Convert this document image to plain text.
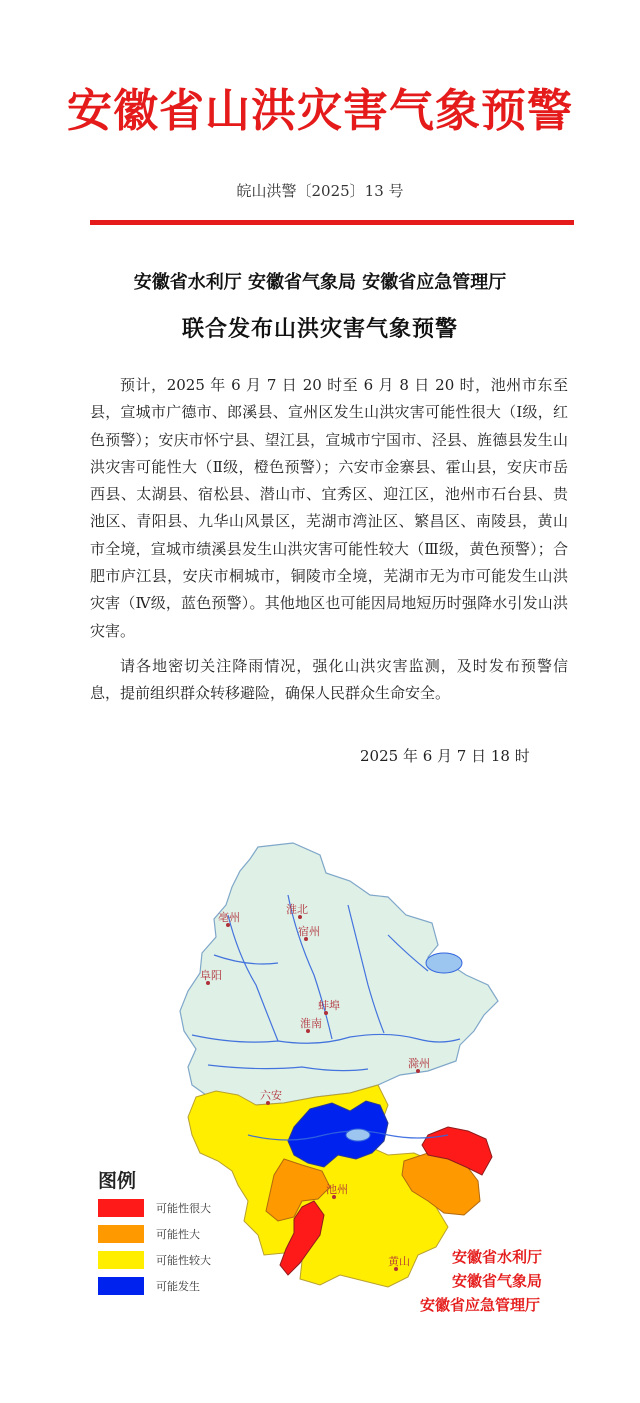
安徽省山洪灾害气象预警
皖山洪警〔2025〕13 号
安徽省水利厅 安徽省气象局 安徽省应急管理厅
联合发布山洪灾害气象预警

预计，2025 年 6 月 7 日 20 时至 6 月 8 日 20 时，池州市东至县，宣城市广德市、郎溪县、宣州区发生山洪灾害可能性很大（Ⅰ级，红色预警）；安庆市怀宁县、望江县，宣城市宁国市、泾县、旌德县发生山洪灾害可能性大（Ⅱ级，橙色预警）；六安市金寨县、霍山县，安庆市岳西县、太湖县、宿松县、潜山市、宜秀区、迎江区，池州市石台县、贵池区、青阳县、九华山风景区，芜湖市湾沚区、繁昌区、南陵县，黄山市全境，宣城市绩溪县发生山洪灾害可能性较大（Ⅲ级，黄色预警）；合肥市庐江县，安庆市桐城市，铜陵市全境，芜湖市无为市可能发生山洪灾害（Ⅳ级，蓝色预警）。其他地区也可能因局地短历时强降水引发山洪灾害。

请各地密切关注降雨情况，强化山洪灾害监测，及时发布预警信息，提前组织群众转移避险，确保人民群众生命安全。

2025 年 6 月 7 日 18 时
亳州
淮北
宿州
阜阳
蚌埠
淮南
滁州
六安
池州
黄山
图例
可能性很大
可能性大
可能性较大
可能发生
安徽省水利厅
安徽省气象局
安徽省应急管理厅
